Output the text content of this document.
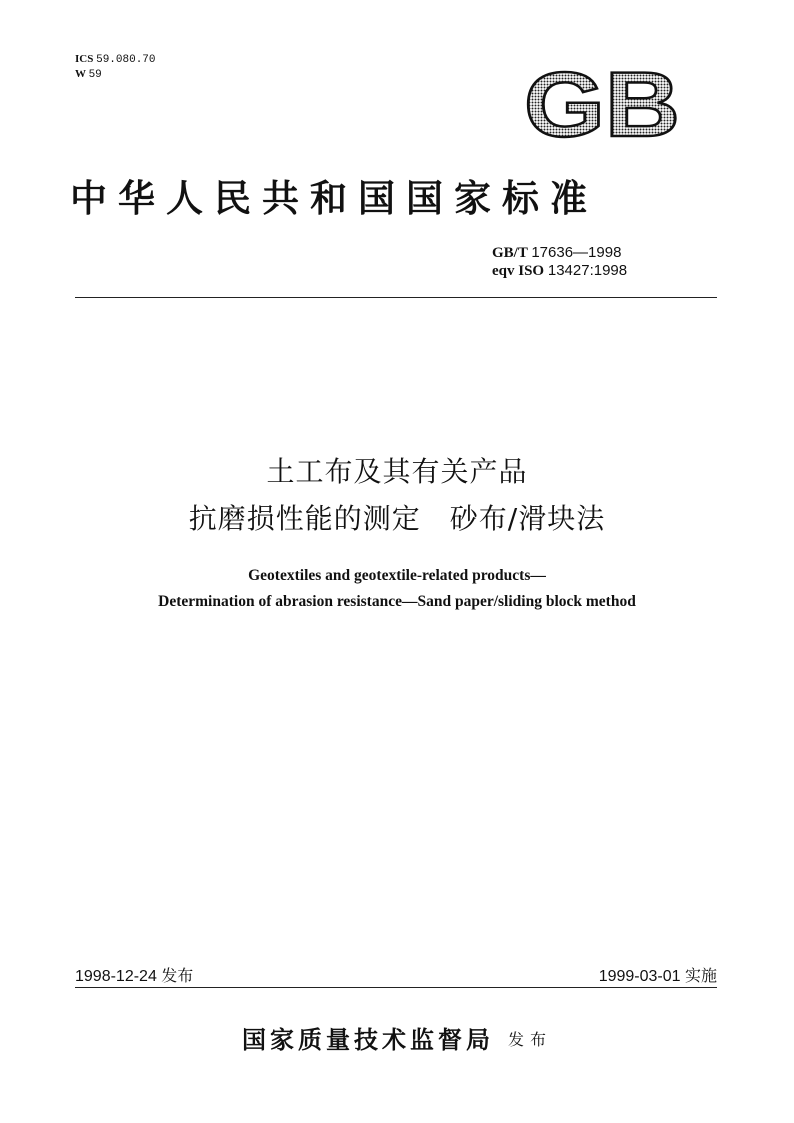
ICS 59.080.70
W 59	GB
中华人民共和国国家标准
GB/T 17636—1998
eqv ISO 13427:1998
土工布及其有关产品
抗磨损性能的测定　砂布/滑块法
Geotextiles and geotextile-related products—
Determination of abrasion resistance—Sand paper/sliding block method
1998-12-24 发布	1999-03-01 实施
国家质量技术监督局 发布
